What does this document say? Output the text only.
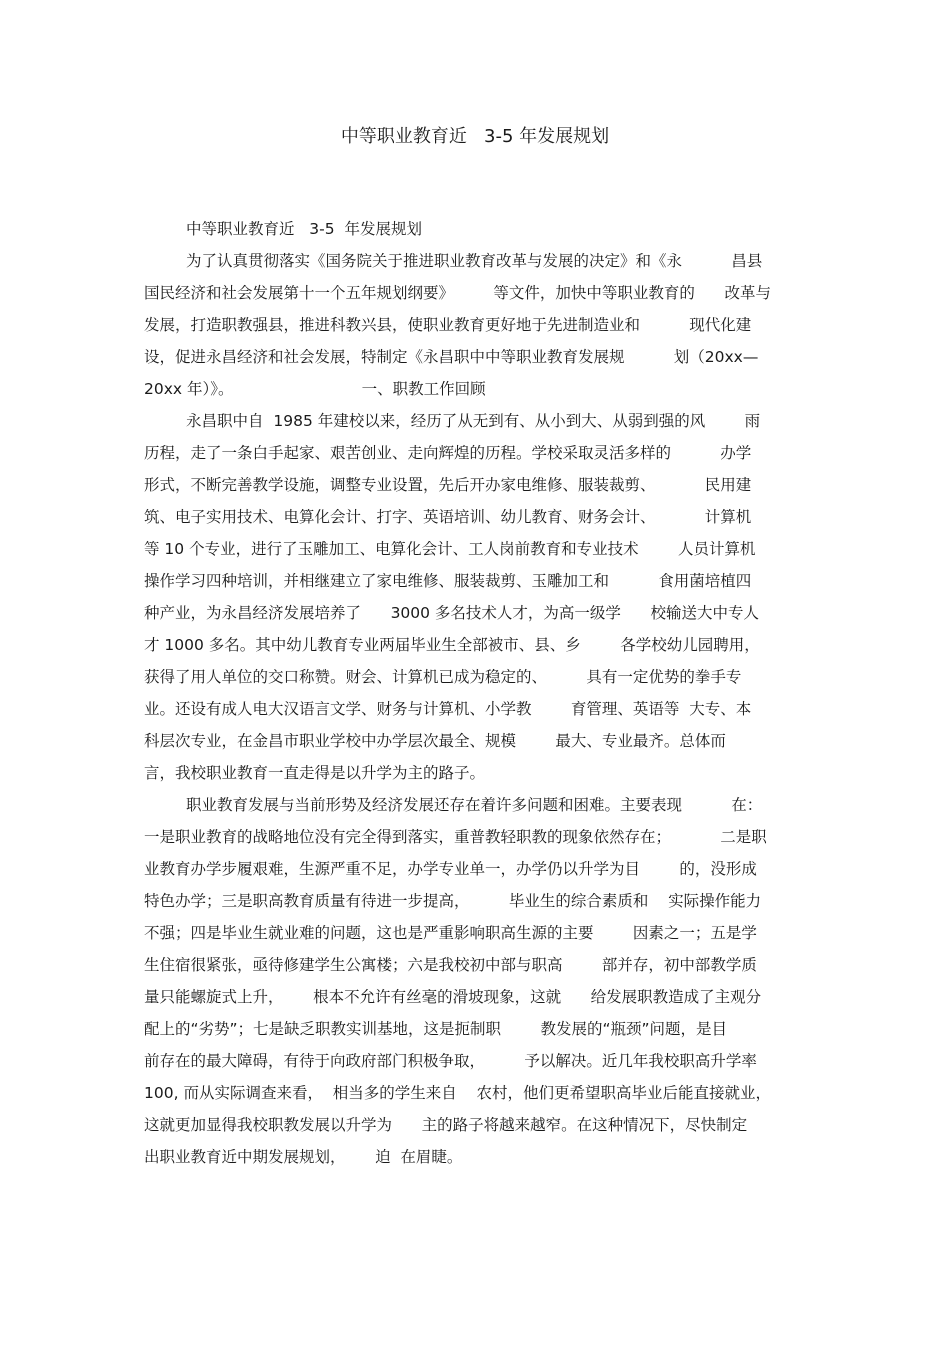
中等职业教育近   3-5 年发展规划
中等职业教育近   3-5  年发展规划
为了认真贯彻落实《国务院关于推进职业教育改革与发展的决定》和《永          昌县
国民经济和社会发展第十一个五年规划纲要》        等文件，加快中等职业教育的      改革与
发展，打造职教强县，推进科教兴县，使职业教育更好地于先进制造业和          现代化建
设，促进永昌经济和社会发展，特制定《永昌职中中等职业教育发展规          划（20xx—
20xx 年）》。                          一、职教工作回顾
永昌职中自  1985 年建校以来，经历了从无到有、从小到大、从弱到强的风        雨
历程，走了一条白手起家、艰苦创业、走向辉煌的历程。学校采取灵活多样的          办学
形式，不断完善教学设施，调整专业设置，先后开办家电维修、服装裁剪、          民用建
筑、电子实用技术、电算化会计、打字、英语培训、幼儿教育、财务会计、          计算机
等 10 个专业，进行了玉雕加工、电算化会计、工人岗前教育和专业技术        人员计算机
操作学习四种培训，并相继建立了家电维修、服装裁剪、玉雕加工和          食用菌培植四
种产业，为永昌经济发展培养了      3000 多名技术人才，为高一级学      校输送大中专人
才 1000 多名。其中幼儿教育专业两届毕业生全部被市、县、乡        各学校幼儿园聘用，
获得了用人单位的交口称赞。财会、计算机已成为稳定的、        具有一定优势的拳手专
业。还设有成人电大汉语言文学、财务与计算机、小学教        育管理、英语等  大专、本
科层次专业，在金昌市职业学校中办学层次最全、规模        最大、专业最齐。总体而
言，我校职业教育一直走得是以升学为主的路子。
职业教育发展与当前形势及经济发展还存在着许多问题和困难。主要表现          在：
一是职业教育的战略地位没有完全得到落实，重普教轻职教的现象依然存在；          二是职
业教育办学步履艰难，生源严重不足，办学专业单一，办学仍以升学为目        的，没形成
特色办学；三是职高教育质量有待进一步提高，        毕业生的综合素质和    实际操作能力
不强；四是毕业生就业难的问题，这也是严重影响职高生源的主要        因素之一；五是学
生住宿很紧张，亟待修建学生公寓楼；六是我校初中部与职高        部并存，初中部教学质
量只能螺旋式上升，      根本不允许有丝毫的滑坡现象，这就      给发展职教造成了主观分
配上的“劣势”；七是缺乏职教实训基地，这是扼制职        教发展的“瓶颈”问题，是目
前存在的最大障碍，有待于向政府部门积极争取，        予以解决。近几年我校职高升学率
100, 而从实际调查来看，  相当多的学生来自    农村，他们更希望职高毕业后能直接就业，
这就更加显得我校职教发展以升学为      主的路子将越来越窄。在这种情况下，尽快制定
出职业教育近中期发展规划，      迫  在眉睫。
